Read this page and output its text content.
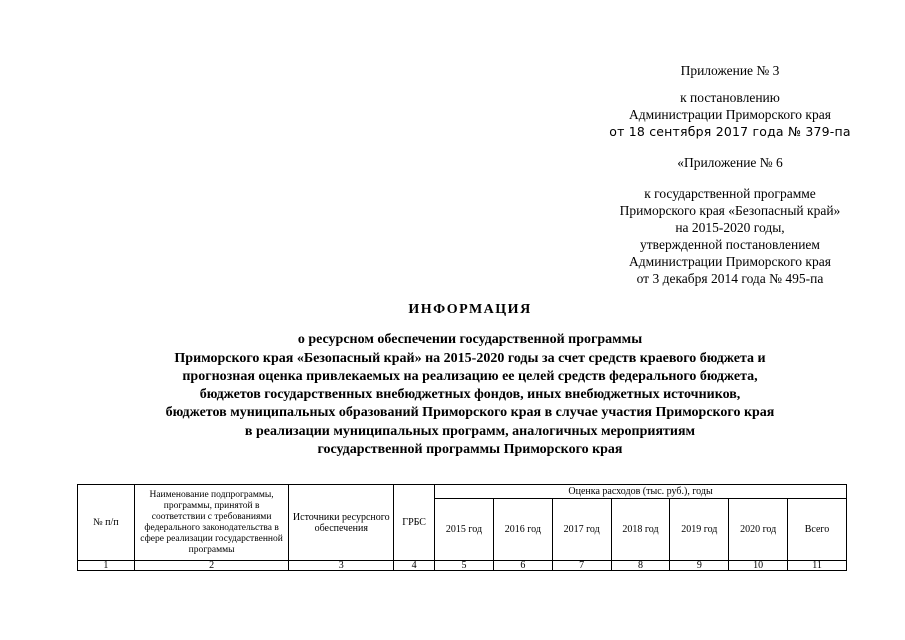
Приложение № 3
к постановлению
Администрации Приморского края
от 18 сентября 2017 года № 379-па
«Приложение № 6
к государственной программе
Приморского края «Безопасный край»
на 2015-2020 годы,
утвержденной постановлением
Администрации Приморского края
от 3 декабря 2014 года № 495-па
ИНФОРМАЦИЯ
о ресурсном обеспечении государственной программы
Приморского края «Безопасный край» на 2015-2020 годы за счет средств краевого бюджета и
прогнозная оценка привлекаемых на реализацию ее целей средств федерального бюджета,
бюджетов государственных внебюджетных фондов, иных внебюджетных источников,
бюджетов муниципальных образований Приморского края в случае участия Приморского края
в реализации муниципальных программ, аналогичных мероприятиям
государственной программы Приморского края
№ п/п	Наименование подпрограммы, программы, принятой в соответствии с требованиями федерального законодательства в сфере реализации государственной программы	Источники ресурсного обеспечения	ГРБС	Оценка расходов (тыс. руб.), годы						
				2015 год	2016 год	2017 год	2018 год	2019 год	2020 год	Всего
1	2	3	4	5	6	7	8	9	10	11
